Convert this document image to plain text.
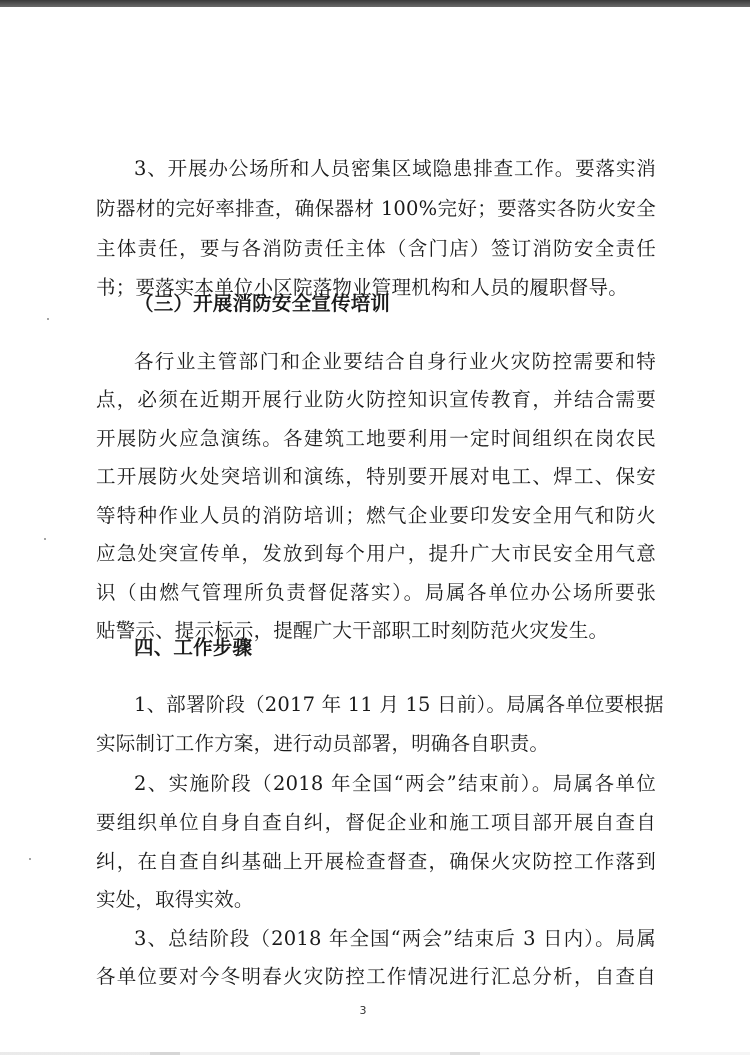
3、开展办公场所和人员密集区域隐患排查工作。要落实消

防器材的完好率排查，确保器材 100%完好；要落实各防火安全

主体责任，要与各消防责任主体（含门店）签订消防安全责任

书；要落实本单位小区院落物业管理机构和人员的履职督导。

（三）开展消防安全宣传培训

各行业主管部门和企业要结合自身行业火灾防控需要和特

点，必须在近期开展行业防火防控知识宣传教育，并结合需要

开展防火应急演练。各建筑工地要利用一定时间组织在岗农民

工开展防火处突培训和演练，特别要开展对电工、焊工、保安

等特种作业人员的消防培训；燃气企业要印发安全用气和防火

应急处突宣传单，发放到每个用户，提升广大市民安全用气意

识（由燃气管理所负责督促落实）。局属各单位办公场所要张

贴警示、提示标示，提醒广大干部职工时刻防范火灾发生。

四、工作步骤

1、部署阶段（2017 年 11 月 15 日前）。局属各单位要根据

实际制订工作方案，进行动员部署，明确各自职责。

2、实施阶段（2018 年全国“两会”结束前）。局属各单位

要组织单位自身自查自纠，督促企业和施工项目部开展自查自

纠，在自查自纠基础上开展检查督查，确保火灾防控工作落到

实处，取得实效。

3、总结阶段（2018 年全国“两会”结束后 3 日内）。局属

各单位要对今冬明春火灾防控工作情况进行汇总分析，自查自

3
